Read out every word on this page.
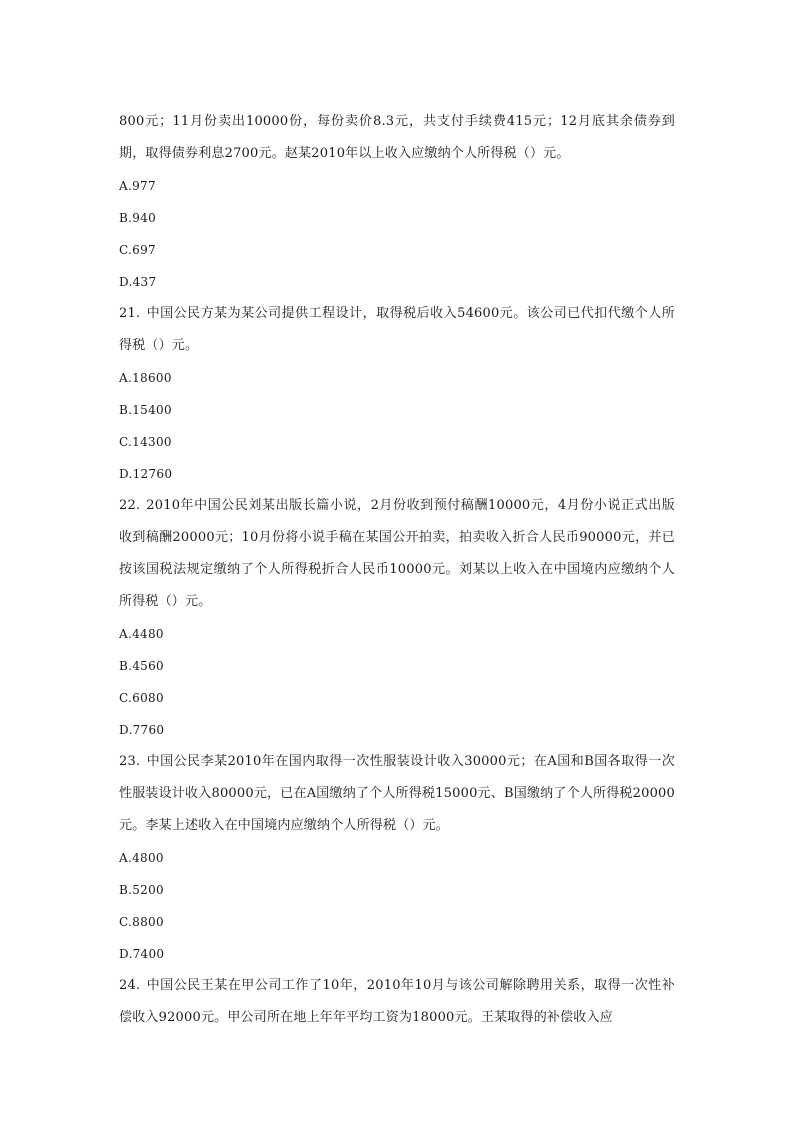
800元；11月份卖出10000份，每份卖价8.3元，共支付手续费415元；12月底其余债券到期，取得债券利息2700元。赵某2010年以上收入应缴纳个人所得税（）元。

A.977

B.940

C.697

D.437

21. 中国公民方某为某公司提供工程设计，取得税后收入54600元。该公司已代扣代缴个人所得税（）元。

A.18600

B.15400

C.14300

D.12760

22. 2010年中国公民刘某出版长篇小说，2月份收到预付稿酬10000元，4月份小说正式出版收到稿酬20000元；10月份将小说手稿在某国公开拍卖，拍卖收入折合人民币90000元，并已按该国税法规定缴纳了个人所得税折合人民币10000元。刘某以上收入在中国境内应缴纳个人所得税（）元。

A.4480

B.4560

C.6080

D.7760

23. 中国公民李某2010年在国内取得一次性服装设计收入30000元；在A国和B国各取得一次性服装设计收入80000元，已在A国缴纳了个人所得税15000元、B国缴纳了个人所得税20000元。李某上述收入在中国境内应缴纳个人所得税（）元。

A.4800

B.5200

C.8800

D.7400

24. 中国公民王某在甲公司工作了10年，2010年10月与该公司解除聘用关系，取得一次性补偿收入92000元。甲公司所在地上年年平均工资为18000元。王某取得的补偿收入应
